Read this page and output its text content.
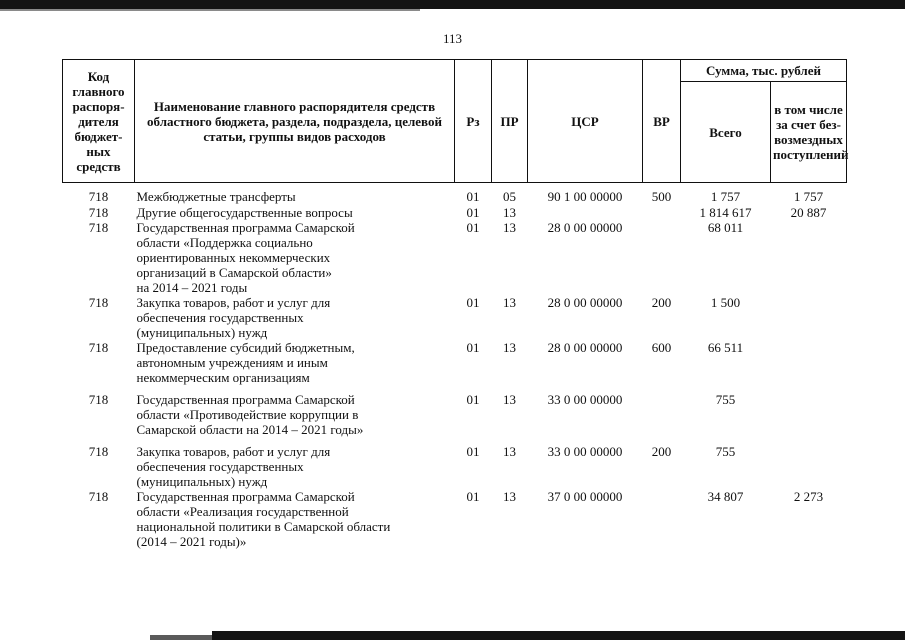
113
Код главного распоря-дителя бюджет-ных средств	Наименование главного распорядителя средств областного бюджета, раздела, подраздела, целевой статьи, группы видов расходов	Рз	ПР	ЦСР	ВР	Сумма, тыс. рублей	
						Всего	в том числе за счет без-возмездных поступлений
718	Межбюджетные трансферты	01	05	90 1 00 00000	500	1 757	1 757
718	Другие общегосударственные вопросы	01	13			1 814 617	20 887
718	Государственная программа Самарской
области «Поддержка социально
ориентированных некоммерческих
организаций в Самарской области»
на 2014 – 2021 годы	01	13	28 0 00 00000		68 011	
718	Закупка товаров, работ и услуг для
обеспечения государственных
(муниципальных) нужд	01	13	28 0 00 00000	200	1 500	
718	Предоставление субсидий бюджетным,
автономным учреждениям и иным
некоммерческим организациям	01	13	28 0 00 00000	600	66 511	
718	Государственная программа Самарской
области «Противодействие коррупции в
Самарской области на 2014 – 2021 годы»	01	13	33 0 00 00000		755	
718	Закупка товаров, работ и услуг для
обеспечения государственных
(муниципальных) нужд	01	13	33 0 00 00000	200	755	
718	Государственная программа Самарской
области «Реализация государственной
национальной политики в Самарской области
(2014 – 2021 годы)»	01	13	37 0 00 00000		34 807	2 273
